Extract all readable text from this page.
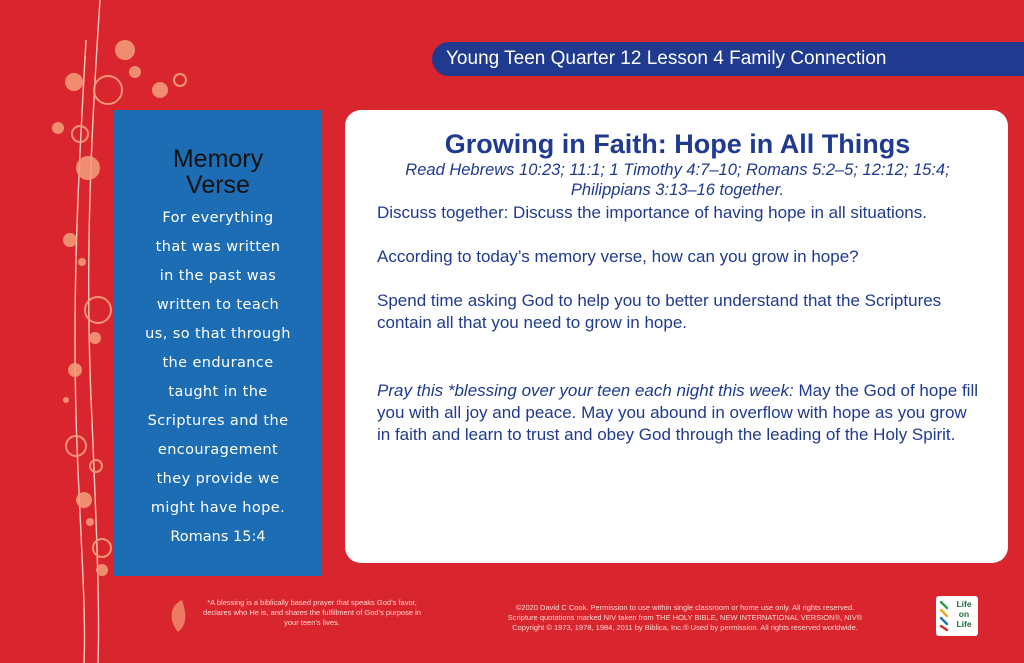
Young Teen Quarter 12 Lesson 4 Family Connection
Memory
Verse
For everything
that was written
in the past was
written to teach
us, so that through
the endurance
taught in the
Scriptures and the
encouragement
they provide we
might have hope.
Romans 15:4
Growing in Faith: Hope in All Things

Read Hebrews 10:23; 11:1; 1 Timothy 4:7–10; Romans 5:2–5; 12:12; 15:4; Philippians 3:13–16 together.

Discuss together: Discuss the importance of having hope in all situations.

According to today’s memory verse, how can you grow in hope?

Spend time asking God to help you to better understand that the Scriptures contain all that you need to grow in hope.

Pray this *blessing over your teen each night this week: May the God of hope fill you with all joy and peace. May you abound in overflow with hope as you grow in faith and learn to trust and obey God through the leading of the Holy Spirit.

*A blessing is a biblically based prayer that speaks God’s favor, declares who He is, and shares the fulfillment of God’s purpose in your teen’s lives.
©2020 David C Cook. Permission to use within single classroom or home use only. All rights reserved.
Scripture quotations marked NIV taken from THE HOLY BIBLE, NEW INTERNATIONAL VERSION®, NIV®
Copyright © 1973, 1978, 1984, 2011 by Biblica, Inc.® Used by permission. All rights reserved worldwide.
Life
on
Life
